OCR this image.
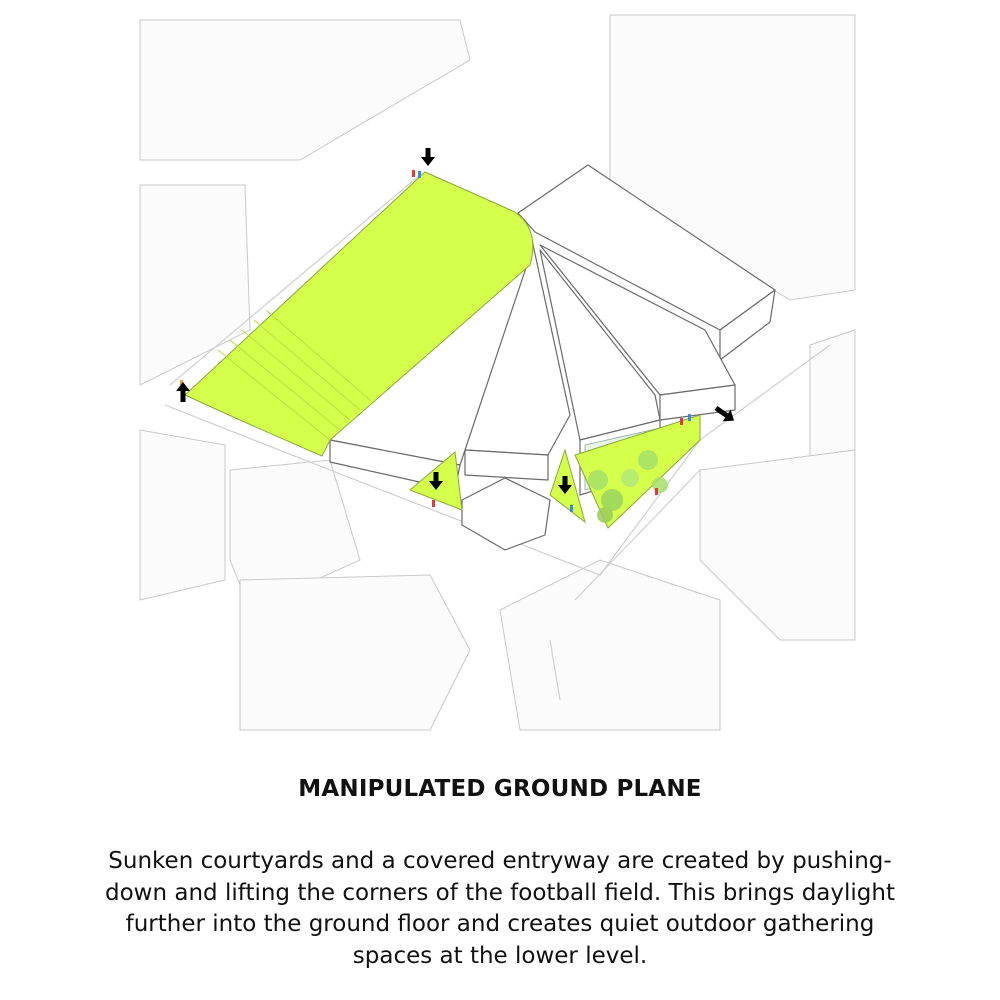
MANIPULATED GROUND PLANE
Sunken courtyards and a covered entryway are created by pushing-down and lifting the corners of the football field. This brings daylight further into the ground floor and creates quiet outdoor gathering spaces at the lower level.
